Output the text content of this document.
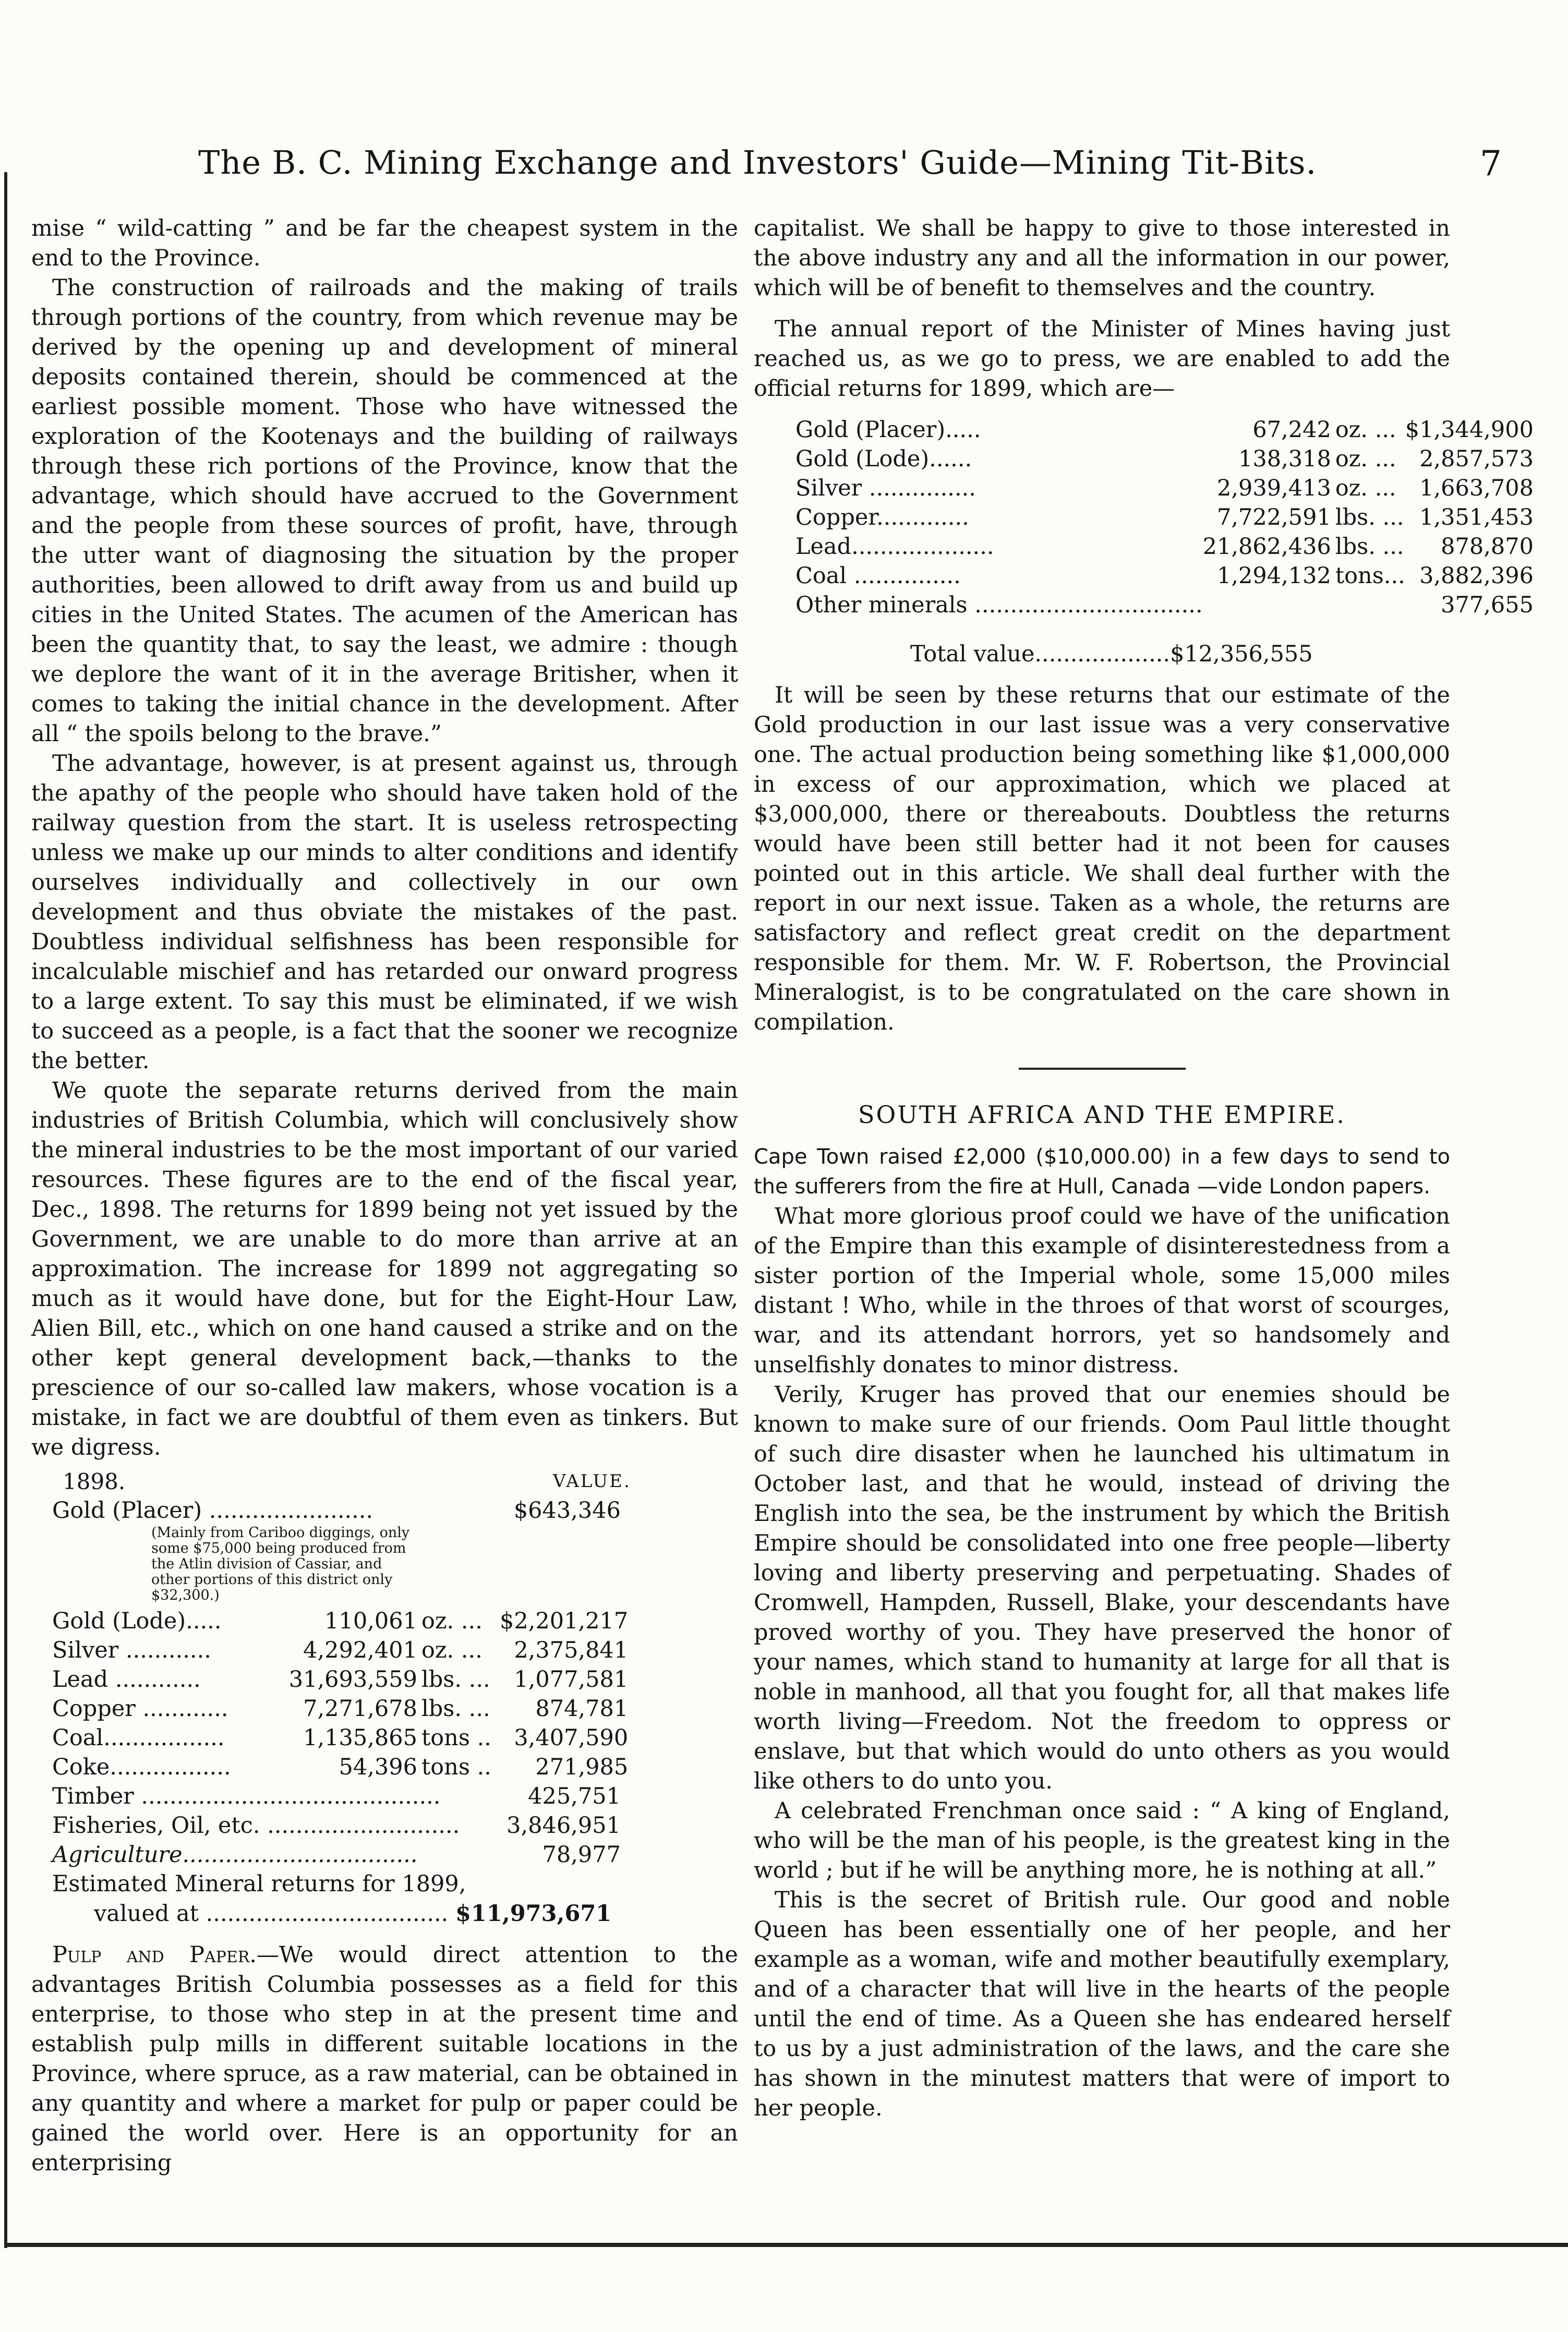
The B. C. Mining Exchange and Investors' Guide—Mining Tit-Bits.	7

mise “ wild-catting ” and be far the cheapest system in the end to the Province.

The construction of railroads and the making of trails through portions of the country, from which revenue may be derived by the opening up and development of mineral deposits contained therein, should be commenced at the earliest possible moment. Those who have witnessed the exploration of the Kootenays and the building of railways through these rich portions of the Province, know that the advantage, which should have accrued to the Government and the people from these sources of profit, have, through the utter want of diagnosing the situation by the proper authorities, been allowed to drift away from us and build up cities in the United States. The acumen of the American has been the quantity that, to say the least, we admire : though we deplore the want of it in the average Britisher, when it comes to taking the initial chance in the development. After all “ the spoils belong to the brave.”

The advantage, however, is at present against us, through the apathy of the people who should have taken hold of the railway question from the start. It is useless retrospecting unless we make up our minds to alter conditions and identify ourselves individually and collectively in our own development and thus obviate the mistakes of the past. Doubtless individual selfishness has been responsible for incalculable mischief and has retarded our onward progress to a large extent. To say this must be eliminated, if we wish to succeed as a people, is a fact that the sooner we recognize the better.

We quote the separate returns derived from the main industries of British Columbia, which will conclusively show the mineral industries to be the most important of our varied resources. These figures are to the end of the fiscal year, Dec., 1898. The returns for 1899 being not yet issued by the Government, we are unable to do more than arrive at an approximation. The increase for 1899 not aggregating so much as it would have done, but for the Eight-Hour Law, Alien Bill, etc., which on one hand caused a strike and on the other kept general development back,—thanks to the prescience of our so-called law makers, whose vocation is a mistake, in fact we are doubtful of them even as tinkers. But we digress.

1898.	VALUE.
Gold (Placer) .......................	$643,346
(Mainly from Cariboo diggings, only some $75,000 being produced from the Atlin division of Cassiar, and other portions of this district only $32,300.)
Gold (Lode).....	110,061	oz. ...	$2,201,217
Silver ............	4,292,401	oz. ...	2,375,841
Lead ............	31,693,559	lbs. ...	1,077,581
Copper ............	7,271,678	lbs. ...	874,781
Coal.................	1,135,865	tons ..	3,407,590
Coke.................	54,396	tons ..	271,985
Timber ..........................................	425,751
Fisheries, Oil, etc. ...........................	3,846,951
Agriculture.................................	78,977
Estimated Mineral returns for 1899,
valued at .................................. $11,973,671

Pulp and Paper.—We would direct attention to the advantages British Columbia possesses as a field for this enterprise, to those who step in at the present time and establish pulp mills in different suitable locations in the Province, where spruce, as a raw material, can be obtained in any quantity and where a market for pulp or paper could be gained the world over. Here is an opportunity for an enterprising

capitalist. We shall be happy to give to those interested in the above industry any and all the information in our power, which will be of benefit to themselves and the country.

The annual report of the Minister of Mines having just reached us, as we go to press, we are enabled to add the official returns for 1899, which are—

Gold (Placer).....	67,242	oz. ...	$1,344,900
Gold (Lode)......	138,318	oz. ...	2,857,573
Silver ...............	2,939,413	oz. ...	1,663,708
Copper.............	7,722,591	lbs. ...	1,351,453
Lead....................	21,862,436	lbs. ...	878,870
Coal ...............	1,294,132	tons...	3,882,396
Other minerals ................................			377,655
Total value...................$12,356,555

It will be seen by these returns that our estimate of the Gold production in our last issue was a very conservative one. The actual production being something like $1,000,000 in excess of our approximation, which we placed at $3,000,000, there or thereabouts. Doubtless the returns would have been still better had it not been for causes pointed out in this article. We shall deal further with the report in our next issue. Taken as a whole, the returns are satisfactory and reflect great credit on the department responsible for them. Mr. W. F. Robertson, the Provincial Mineralogist, is to be congratulated on the care shown in compilation.

SOUTH AFRICA AND THE EMPIRE.

Cape Town raised £2,000 ($10,000.00) in a few days to send to the sufferers from the fire at Hull, Canada —vide London papers.

What more glorious proof could we have of the unification of the Empire than this example of disinterestedness from a sister portion of the Imperial whole, some 15,000 miles distant ! Who, while in the throes of that worst of scourges, war, and its attendant horrors, yet so handsomely and unselfishly donates to minor distress.

Verily, Kruger has proved that our enemies should be known to make sure of our friends. Oom Paul little thought of such dire disaster when he launched his ultimatum in October last, and that he would, instead of driving the English into the sea, be the instrument by which the British Empire should be consolidated into one free people—liberty loving and liberty preserving and perpetuating. Shades of Cromwell, Hampden, Russell, Blake, your descendants have proved worthy of you. They have preserved the honor of your names, which stand to humanity at large for all that is noble in manhood, all that you fought for, all that makes life worth living—Freedom. Not the freedom to oppress or enslave, but that which would do unto others as you would like others to do unto you.

A celebrated Frenchman once said : “ A king of England, who will be the man of his people, is the greatest king in the world ; but if he will be anything more, he is nothing at all.”

This is the secret of British rule. Our good and noble Queen has been essentially one of her people, and her example as a woman, wife and mother beautifully exemplary, and of a character that will live in the hearts of the people until the end of time. As a Queen she has endeared herself to us by a just administration of the laws, and the care she has shown in the minutest matters that were of import to her people.
